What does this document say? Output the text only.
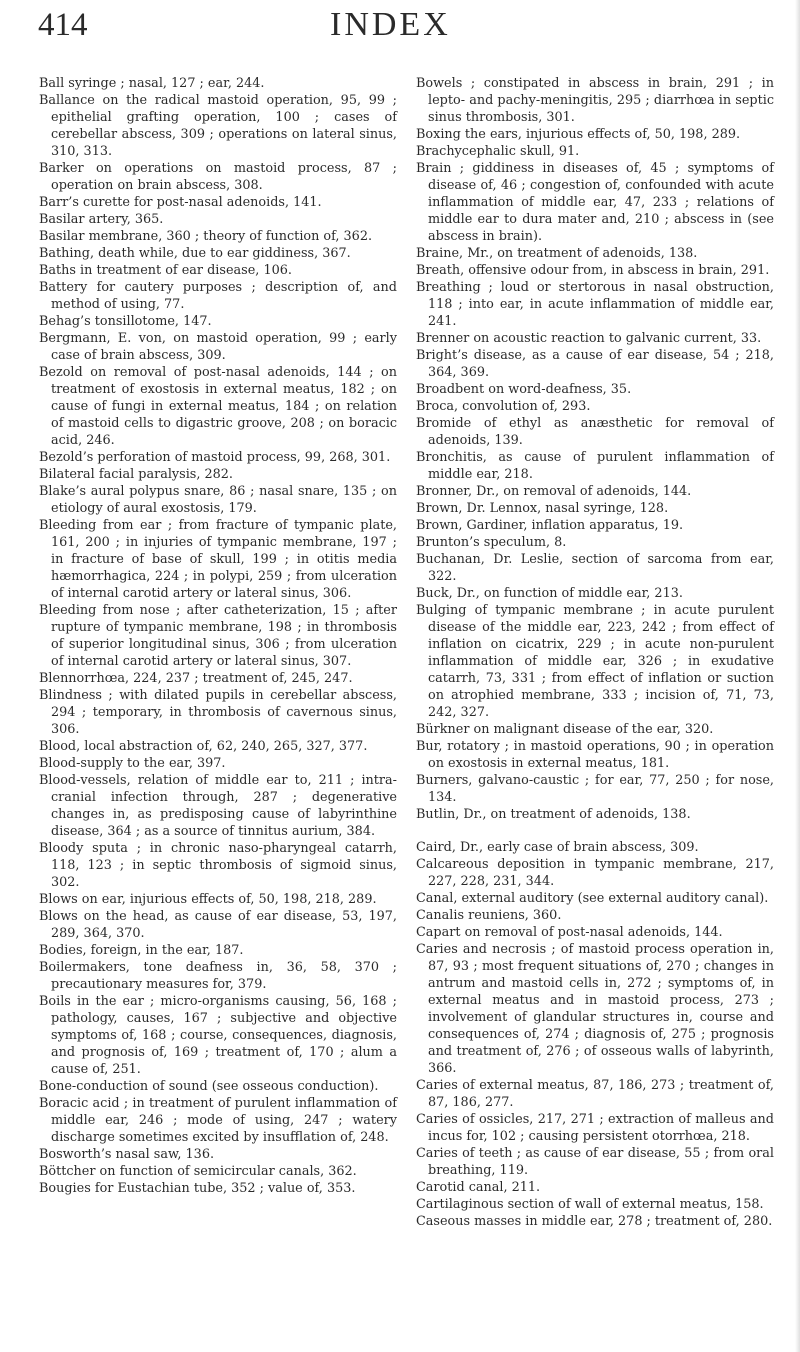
414	INDEX
Ball syringe ; nasal, 127 ; ear, 244.
Ballance on the radical mastoid operation, 95, 99 ; epithelial grafting operation, 100 ; cases of cerebellar abscess, 309 ; operations on lateral sinus, 310, 313.
Barker on operations on mastoid process, 87 ; operation on brain abscess, 308.
Barr’s curette for post-nasal adenoids, 141.
Basilar artery, 365.
Basilar membrane, 360 ; theory of function of, 362.
Bathing, death while, due to ear giddiness, 367.
Baths in treatment of ear disease, 106.
Battery for cautery purposes ; description of, and method of using, 77.
Behag’s tonsillotome, 147.
Bergmann, E. von, on mastoid operation, 99 ; early case of brain abscess, 309.
Bezold on removal of post-nasal adenoids, 144 ; on treatment of exostosis in external meatus, 182 ; on cause of fungi in external meatus, 184 ; on relation of mastoid cells to digastric groove, 208 ; on boracic acid, 246.
Bezold’s perforation of mastoid process, 99, 268, 301.
Bilateral facial paralysis, 282.
Blake’s aural polypus snare, 86 ; nasal snare, 135 ; on etiology of aural exostosis, 179.
Bleeding from ear ; from fracture of tympanic plate, 161, 200 ; in injuries of tympanic membrane, 197 ; in fracture of base of skull, 199 ; in otitis media hæmorrhagica, 224 ; in polypi, 259 ; from ulceration of internal carotid artery or lateral sinus, 306.
Bleeding from nose ; after catheterization, 15 ; after rupture of tympanic membrane, 198 ; in thrombosis of superior longitudinal sinus, 306 ; from ulceration of internal carotid artery or lateral sinus, 307.
Blennorrhœa, 224, 237 ; treatment of, 245, 247.
Blindness ; with dilated pupils in cerebellar abscess, 294 ; temporary, in thrombosis of cavernous sinus, 306.
Blood, local abstraction of, 62, 240, 265, 327, 377.
Blood-supply to the ear, 397.
Blood-vessels, relation of middle ear to, 211 ; intra-cranial infection through, 287 ; degenerative changes in, as predisposing cause of labyrinthine disease, 364 ; as a source of tinnitus aurium, 384.
Bloody sputa ; in chronic naso-pharyngeal catarrh, 118, 123 ; in septic thrombosis of sigmoid sinus, 302.
Blows on ear, injurious effects of, 50, 198, 218, 289.
Blows on the head, as cause of ear disease, 53, 197, 289, 364, 370.
Bodies, foreign, in the ear, 187.
Boilermakers, tone deafness in, 36, 58, 370 ; precautionary measures for, 379.
Boils in the ear ; micro-organisms causing, 56, 168 ; pathology, causes, 167 ; subjective and objective symptoms of, 168 ; course, consequences, diagnosis, and prognosis of, 169 ; treatment of, 170 ; alum a cause of, 251.
Bone-conduction of sound (see osseous conduction).
Boracic acid ; in treatment of purulent inflammation of middle ear, 246 ; mode of using, 247 ; watery discharge sometimes excited by insufflation of, 248.
Bosworth’s nasal saw, 136.
Böttcher on function of semicircular canals, 362.
Bougies for Eustachian tube, 352 ; value of, 353.
Bowels ; constipated in abscess in brain, 291 ; in lepto- and pachy-meningitis, 295 ; diarrhœa in septic sinus thrombosis, 301.
Boxing the ears, injurious effects of, 50, 198, 289.
Brachycephalic skull, 91.
Brain ; giddiness in diseases of, 45 ; symptoms of disease of, 46 ; congestion of, confounded with acute inflammation of middle ear, 47, 233 ; relations of middle ear to dura mater and, 210 ; abscess in (see abscess in brain).
Braine, Mr., on treatment of adenoids, 138.
Breath, offensive odour from, in abscess in brain, 291.
Breathing ; loud or stertorous in nasal obstruction, 118 ; into ear, in acute inflammation of middle ear, 241.
Brenner on acoustic reaction to galvanic current, 33.
Bright’s disease, as a cause of ear disease, 54 ; 218, 364, 369.
Broadbent on word-deafness, 35.
Broca, convolution of, 293.
Bromide of ethyl as anæsthetic for removal of adenoids, 139.
Bronchitis, as cause of purulent inflammation of middle ear, 218.
Bronner, Dr., on removal of adenoids, 144.
Brown, Dr. Lennox, nasal syringe, 128.
Brown, Gardiner, inflation apparatus, 19.
Brunton’s speculum, 8.
Buchanan, Dr. Leslie, section of sarcoma from ear, 322.
Buck, Dr., on function of middle ear, 213.
Bulging of tympanic membrane ; in acute purulent disease of the middle ear, 223, 242 ; from effect of inflation on cicatrix, 229 ; in acute non-purulent inflammation of middle ear, 326 ; in exudative catarrh, 73, 331 ; from effect of inflation or suction on atrophied membrane, 333 ; incision of, 71, 73, 242, 327.
Bürkner on malignant disease of the ear, 320.
Bur, rotatory ; in mastoid operations, 90 ; in operation on exostosis in external meatus, 181.
Burners, galvano-caustic ; for ear, 77, 250 ; for nose, 134.
Butlin, Dr., on treatment of adenoids, 138.
Caird, Dr., early case of brain abscess, 309.
Calcareous deposition in tympanic membrane, 217, 227, 228, 231, 344.
Canal, external auditory (see external auditory canal).
Canalis reuniens, 360.
Capart on removal of post-nasal adenoids, 144.
Caries and necrosis ; of mastoid process operation in, 87, 93 ; most frequent situations of, 270 ; changes in antrum and mastoid cells in, 272 ; symptoms of, in external meatus and in mastoid process, 273 ; involvement of glandular structures in, course and consequences of, 274 ; diagnosis of, 275 ; prognosis and treatment of, 276 ; of osseous walls of labyrinth, 366.
Caries of external meatus, 87, 186, 273 ; treatment of, 87, 186, 277.
Caries of ossicles, 217, 271 ; extraction of malleus and incus for, 102 ; causing persistent otorrhœa, 218.
Caries of teeth ; as cause of ear disease, 55 ; from oral breathing, 119.
Carotid canal, 211.
Cartilaginous section of wall of external meatus, 158.
Caseous masses in middle ear, 278 ; treatment of, 280.
